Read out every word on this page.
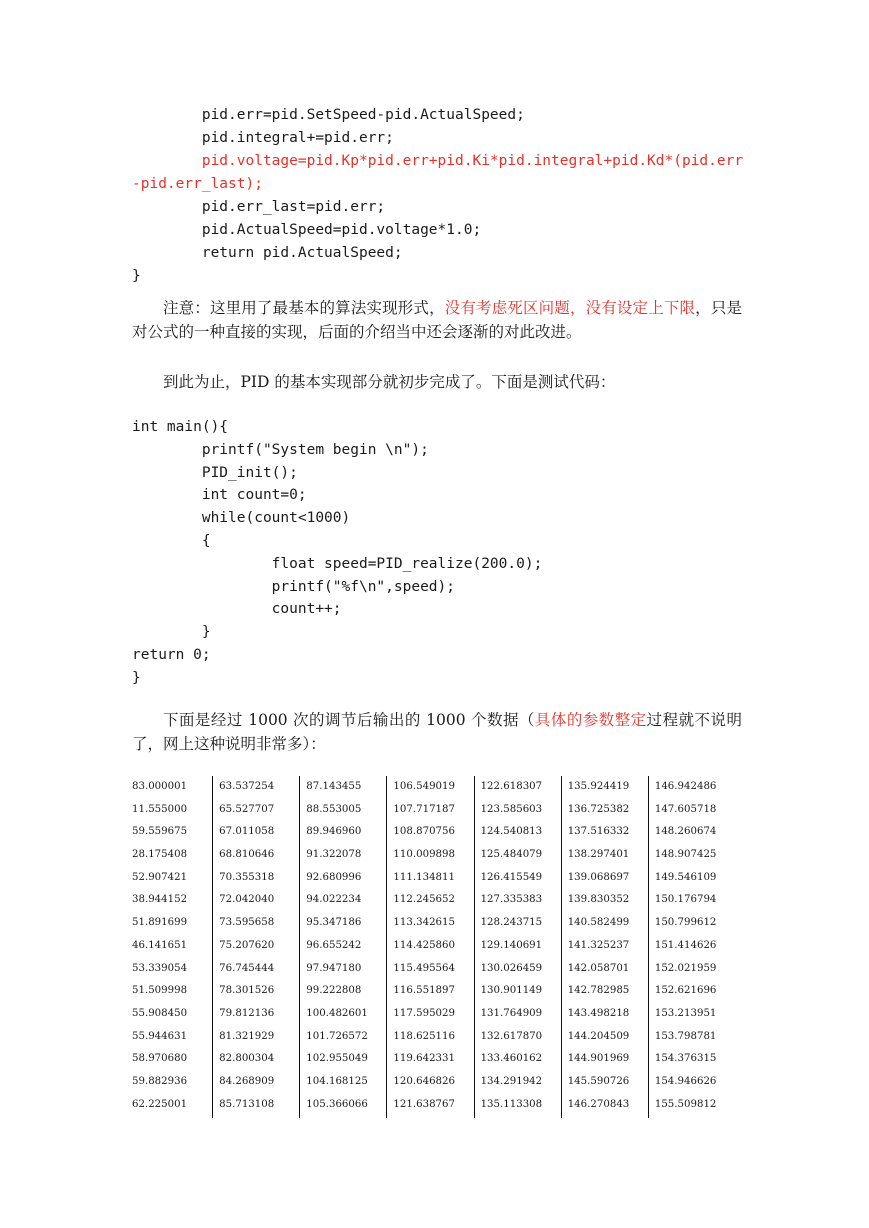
pid.err=pid.SetSpeed-pid.ActualSpeed;
pid.integral+=pid.err;
pid.voltage=pid.Kp*pid.err+pid.Ki*pid.integral+pid.Kd*(pid.err
-pid.err_last);
pid.err_last=pid.err;
pid.ActualSpeed=pid.voltage*1.0;
return pid.ActualSpeed;
}

注意：这里用了最基本的算法实现形式，没有考虑死区问题，没有设定上下限，只是对公式的一种直接的实现，后面的介绍当中还会逐渐的对此改进。

到此为止，PID 的基本实现部分就初步完成了。下面是测试代码：

int main(){
printf("System begin \n");
PID_init();
int count=0;
while(count<1000)
{
float speed=PID_realize(200.0);
printf("%f\n",speed);
count++;
}
return 0;
}

下面是经过 1000 次的调节后输出的 1000 个数据（具体的参数整定过程就不说明了，网上这种说明非常多）：

83.000001
11.555000
59.559675
28.175408
52.907421
38.944152
51.891699
46.141651
53.339054
51.509998
55.908450
55.944631
58.970680
59.882936
62.225001
63.537254
65.527707
67.011058
68.810646
70.355318
72.042040
73.595658
75.207620
76.745444
78.301526
79.812136
81.321929
82.800304
84.268909
85.713108
87.143455
88.553005
89.946960
91.322078
92.680996
94.022234
95.347186
96.655242
97.947180
99.222808
100.482601
101.726572
102.955049
104.168125
105.366066
106.549019
107.717187
108.870756
110.009898
111.134811
112.245652
113.342615
114.425860
115.495564
116.551897
117.595029
118.625116
119.642331
120.646826
121.638767
122.618307
123.585603
124.540813
125.484079
126.415549
127.335383
128.243715
129.140691
130.026459
130.901149
131.764909
132.617870
133.460162
134.291942
135.113308
135.924419
136.725382
137.516332
138.297401
139.068697
139.830352
140.582499
141.325237
142.058701
142.782985
143.498218
144.204509
144.901969
145.590726
146.270843
146.942486
147.605718
148.260674
148.907425
149.546109
150.176794
150.799612
151.414626
152.021959
152.621696
153.213951
153.798781
154.376315
154.946626
155.509812
